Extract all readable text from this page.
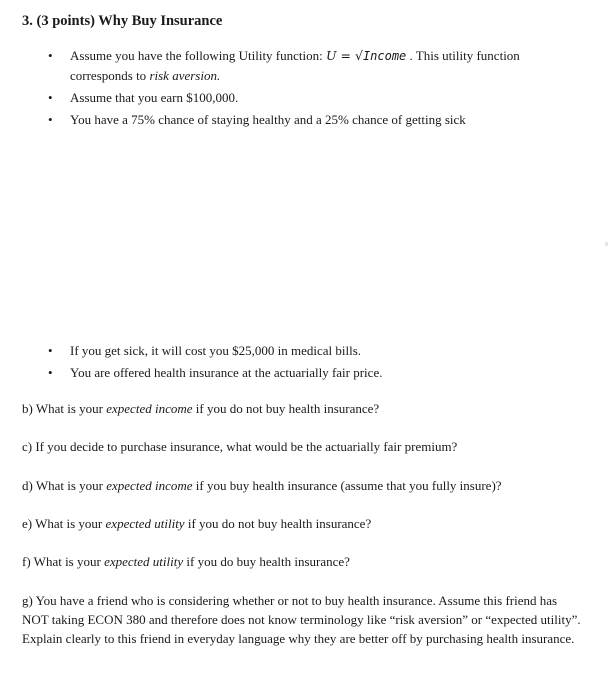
3. (3 points) Why Buy Insurance
• Assume you have the following Utility function: U = √Income . This utility function corresponds to risk aversion.
• Assume that you earn $100,000.
• You have a 75% chance of staying healthy and a 25% chance of getting sick
• If you get sick, it will cost you $25,000 in medical bills.
• You are offered health insurance at the actuarially fair price.

b) What is your expected income if you do not buy health insurance?

c) If you decide to purchase insurance, what would be the actuarially fair premium?

d) What is your expected income if you buy health insurance (assume that you fully insure)?

e) What is your expected utility if you do not buy health insurance?

f) What is your expected utility if you do buy health insurance?

g) You have a friend who is considering whether or not to buy health insurance. Assume this friend has NOT taking ECON 380 and therefore does not know terminology like “risk aversion” or “expected utility”. Explain clearly to this friend in everyday language why they are better off by purchasing health insurance.
